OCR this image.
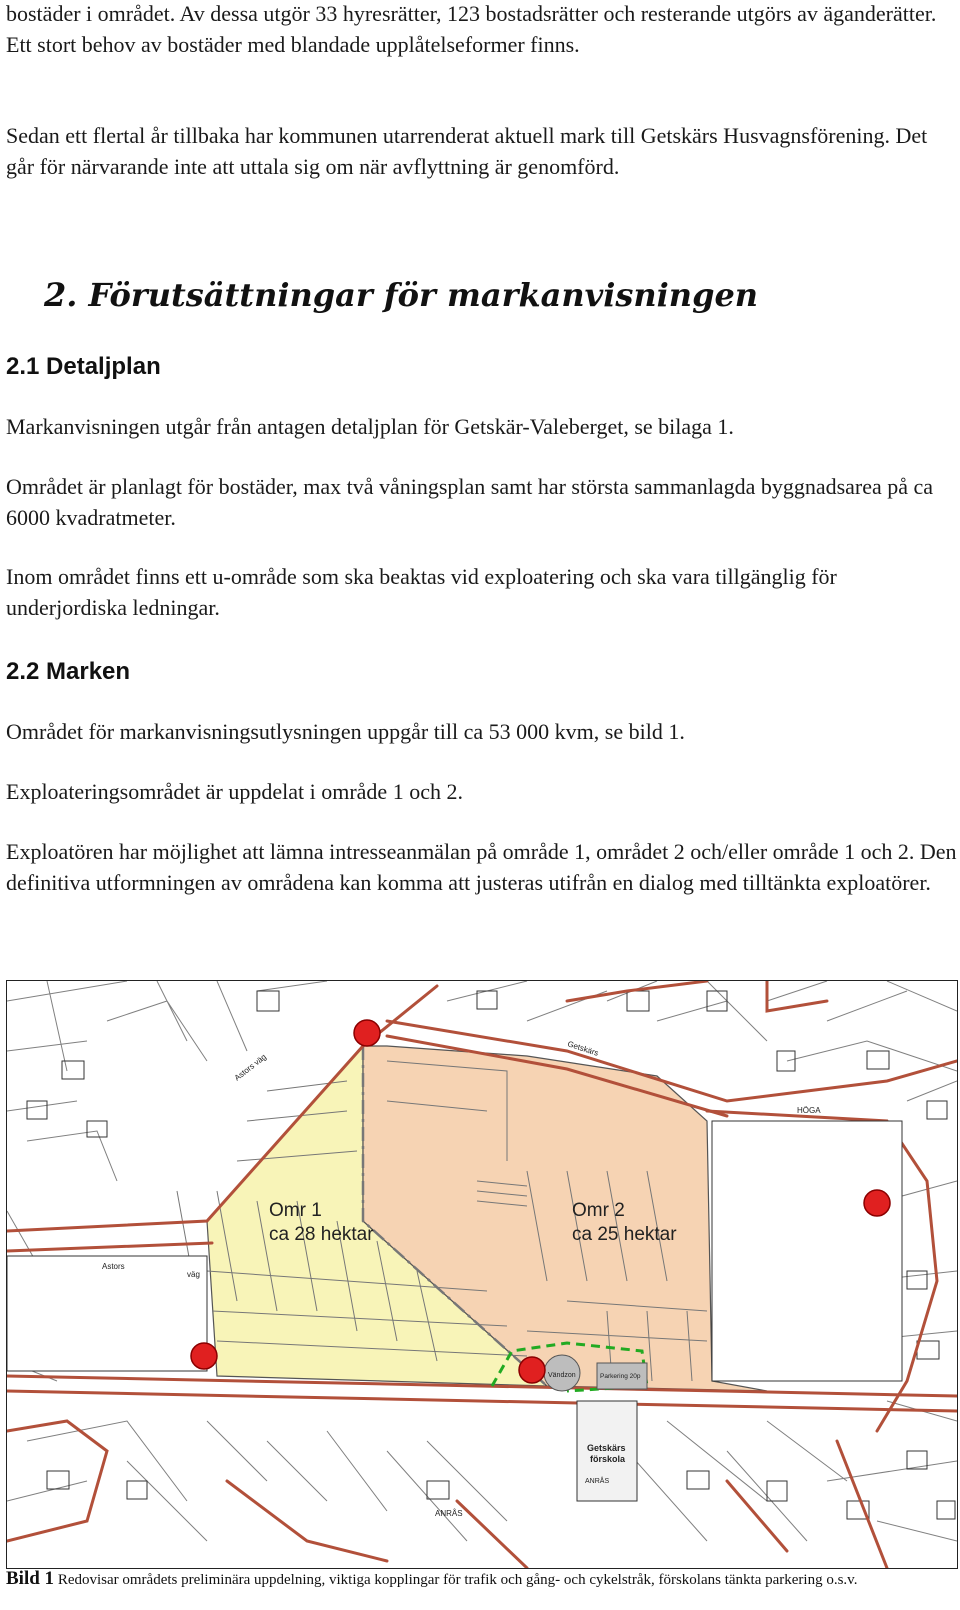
bostäder i området. Av dessa utgör 33 hyresrätter, 123 bostadsrätter och resterande utgörs av äganderätter. Ett stort behov av bostäder med blandade upplåtelseformer finns.

Sedan ett flertal år tillbaka har kommunen utarrenderat aktuell mark till Getskärs Husvagnsförening. Det går för närvarande inte att uttala sig om när avflyttning är genomförd.

2. Förutsättningar för markanvisningen
2.1 Detaljplan

Markanvisningen utgår från antagen detaljplan för Getskär-Valeberget, se bilaga 1.

Området är planlagt för bostäder, max två våningsplan samt har största sammanlagda byggnadsarea på ca 6000 kvadratmeter.

Inom området finns ett u-område som ska beaktas vid exploatering och ska vara tillgänglig för underjordiska ledningar.

2.2 Marken

Området för markanvisningsutlysningen uppgår till ca 53 000 kvm, se bild 1.

Exploateringsområdet är uppdelat i område 1 och 2.

Exploatören har möjlighet att lämna intresseanmälan på område 1, området 2 och/eller område 1 och 2. Den definitiva utformningen av områdena kan komma att justeras utifrån en dialog med tilltänkta exploatörer.

Omr 1
ca 28 hektar
Omr 2
ca 25 hektar
Vändzon	Parkering 20p
Getskärs
förskola
HÖGA
Getskärs
Astors väg
Astors
väg
ANRÅS
ANRÅS

Bild 1 Redovisar områdets preliminära uppdelning, viktiga kopplingar för trafik och gång- och cykelstråk, förskolans tänkta parkering o.s.v.
